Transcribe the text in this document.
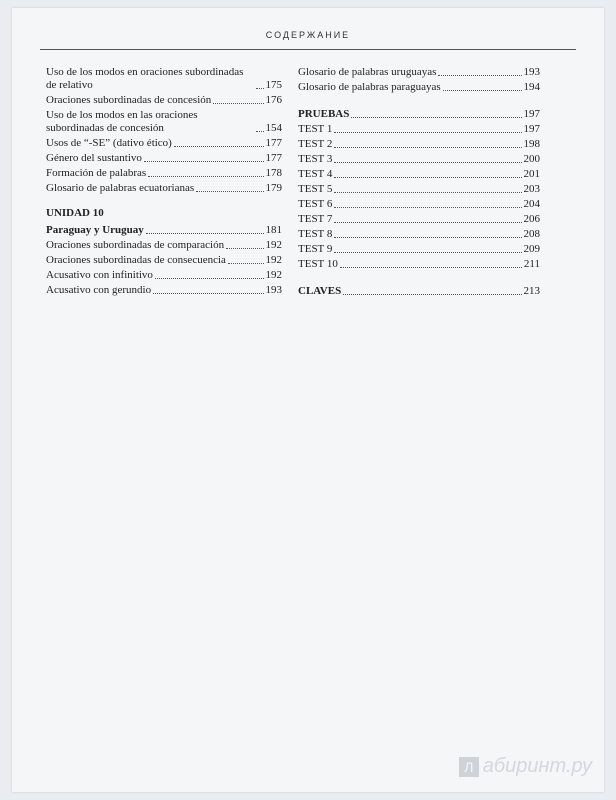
СОДЕРЖАНИЕ
Uso de los modos en oraciones subordinadas de relativo	175
Oraciones subordinadas de concesión	176
Uso de los modos en las oraciones subordinadas de concesión	154
Usos de “-SE” (dativo ético)	177
Género del sustantivo	177
Formación de palabras	178
Glosario de palabras ecuatorianas	179
UNIDAD 10
Paraguay y Uruguay	181
Oraciones subordinadas de comparación	192
Oraciones subordinadas de consecuencia	192
Acusativo con infinitivo	192
Acusativo con gerundio	193
Glosario de palabras uruguayas	193
Glosario de palabras paraguayas	194
PRUEBAS	197
TEST 1	197
TEST 2	198
TEST 3	200
TEST 4	201
TEST 5	203
TEST 6	204
TEST 7	206
TEST 8	208
TEST 9	209
TEST 10	211
CLAVES	213
Л абиринт.ру
